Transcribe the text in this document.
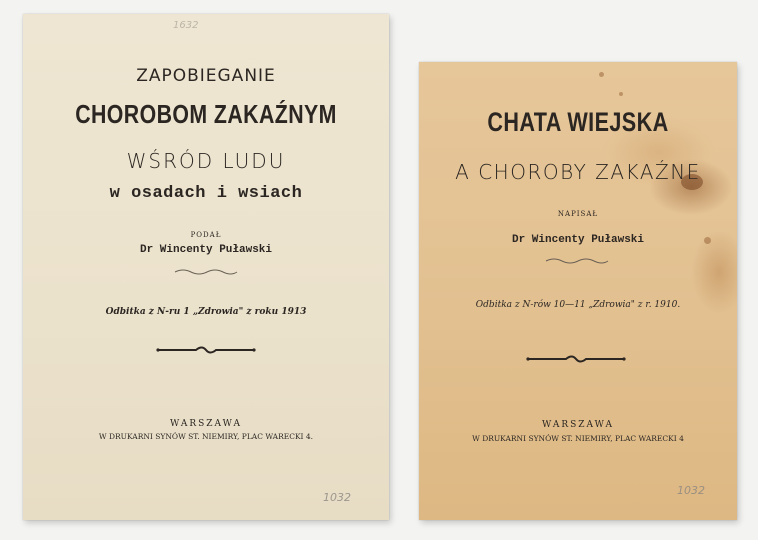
1632
ZAPOBIEGANIE
CHOROBOM ZAKAŹNYM
WŚRÓD LUDU
w osadach i wsiach
PODAŁ
Dr Wincenty Puławski
Odbitka z N-ru 1 „Zdrowia" z roku 1913
WARSZAWA
W DRUKARNI SYNÓW ST. NIEMIRY, PLAC WARECKI 4.
1032
CHATA WIEJSKA
A CHOROBY ZAKAŹNE
NAPISAŁ
Dr Wincenty Puławski
Odbitka z N-rów 10—11 „Zdrowia" z r. 1910.
WARSZAWA
W DRUKARNI SYNÓW ST. NIEMIRY, PLAC WARECKI 4
1032
